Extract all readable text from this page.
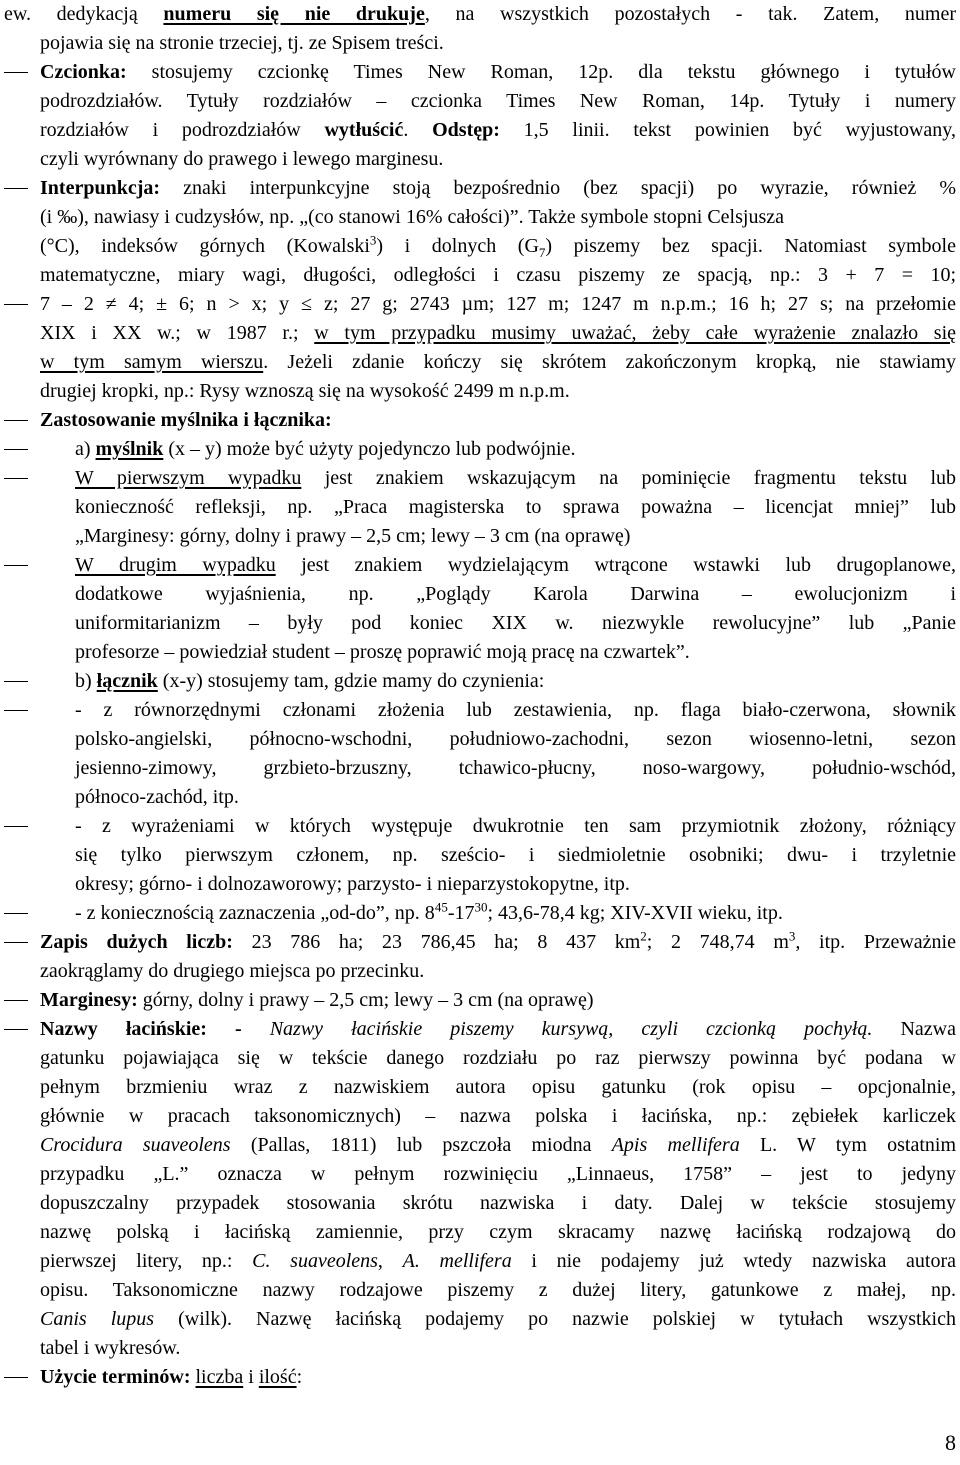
ew. dedykacją numeru się nie drukuje, na wszystkich pozostałych - tak. Zatem, numer
pojawia się na stronie trzeciej, tj. ze Spisem treści.
Czcionka: stosujemy czcionkę Times New Roman, 12p. dla tekstu głównego i tytułów
podrozdziałów. Tytuły rozdziałów – czcionka Times New Roman, 14p. Tytuły i numery
rozdziałów i podrozdziałów wytłuścić. Odstęp: 1,5 linii. tekst powinien być wyjustowany,
czyli wyrównany do prawego i lewego marginesu.
Interpunkcja: znaki interpunkcyjne stoją bezpośrednio (bez spacji) po wyrazie, również %
(i ‰), nawiasy i cudzysłów, np. „(co stanowi 16% całości)”. Także symbole stopni Celsjusza
(°C), indeksów górnych (Kowalski$^3$) i dolnych $(G_7)$ piszemy bez spacji. Natomiast symbole
matematyczne, miary wagi, długości, odległości i czasu piszemy ze spacją, np.: 3 + 7 = 10;
7 – 2 ≠ 4; ± 6; n > x; y ≤ z; 27 g; 2743 µm; 127 m; 1247 m n.p.m.; 16 h; 27 s; na przełomie
XIX i XX w.; w 1987 r.; w tym przypadku musimy uważać, żeby całe wyrażenie znalazło się
w tym samym wierszu. Jeżeli zdanie kończy się skrótem zakończonym kropką, nie stawiamy
drugiej kropki, np.: Rysy wznoszą się na wysokość 2499 m n.p.m.
Zastosowanie myślnika i łącznika:
a) myślnik (x – y) może być użyty pojedynczo lub podwójnie.
W pierwszym wypadku jest znakiem wskazującym na pominięcie fragmentu tekstu lub
konieczność refleksji, np. „Praca magisterska to sprawa poważna – licencjat mniej” lub
„Marginesy: górny, dolny i prawy – 2,5 cm; lewy – 3 cm (na oprawę)
W drugim wypadku jest znakiem wydzielającym wtrącone wstawki lub drugoplanowe,
dodatkowe wyjaśnienia, np. „Poglądy Karola Darwina – ewolucjonizm i
uniformitarianizm – były pod koniec XIX w. niezwykle rewolucyjne” lub „Panie
profesorze – powiedział student – proszę poprawić moją pracę na czwartek”.
b) łącznik (x-y) stosujemy tam, gdzie mamy do czynienia:
- z równorzędnymi członami złożenia lub zestawienia, np. flaga biało-czerwona, słownik
polsko-angielski, północno-wschodni, południowo-zachodni, sezon wiosenno-letni, sezon
jesienno-zimowy, grzbieto-brzuszny, tchawico-płucny, noso-wargowy, południo-wschód,
północo-zachód, itp.
- z wyrażeniami w których występuje dwukrotnie ten sam przymiotnik złożony, różniący
się tylko pierwszym członem, np. sześcio- i siedmioletnie osobniki; dwu- i trzyletnie
okresy; górno- i dolnozaworowy; parzysto- i nieparzystokopytne, itp.
- z koniecznością zaznaczenia „od-do”, np. $8^{45}-17^{30}$; 43,6-78,4 kg; XIV-XVII wieku, itp.
Zapis dużych liczb: 23 786 ha; 23 786,45 ha; 8 437 $km^2$; 2 748,74 $m^3$, itp. Przeważnie
zaokrąglamy do drugiego miejsca po przecinku.
Marginesy: górny, dolny i prawy – 2,5 cm; lewy – 3 cm (na oprawę)
Nazwy łacińskie: - Nazwy łacińskie piszemy kursywą, czyli czcionką pochyłą. Nazwa
gatunku pojawiająca się w tekście danego rozdziału po raz pierwszy powinna być podana w
pełnym brzmieniu wraz z nazwiskiem autora opisu gatunku (rok opisu – opcjonalnie,
głównie w pracach taksonomicznych) – nazwa polska i łacińska, np.: zębiełek karliczek
Crocidura suaveolens (Pallas, 1811) lub pszczoła miodna Apis mellifera L. W tym ostatnim
przypadku „L.” oznacza w pełnym rozwinięciu „Linnaeus, 1758” – jest to jedyny
dopuszczalny przypadek stosowania skrótu nazwiska i daty. Dalej w tekście stosujemy
nazwę polską i łacińską zamiennie, przy czym skracamy nazwę łacińską rodzajową do
pierwszej litery, np.: C. suaveolens, A. mellifera i nie podajemy już wtedy nazwiska autora
opisu. Taksonomiczne nazwy rodzajowe piszemy z dużej litery, gatunkowe z małej, np.
Canis lupus (wilk). Nazwę łacińską podajemy po nazwie polskiej w tytułach wszystkich
tabel i wykresów.
Użycie terminów: liczba i ilość:
8
